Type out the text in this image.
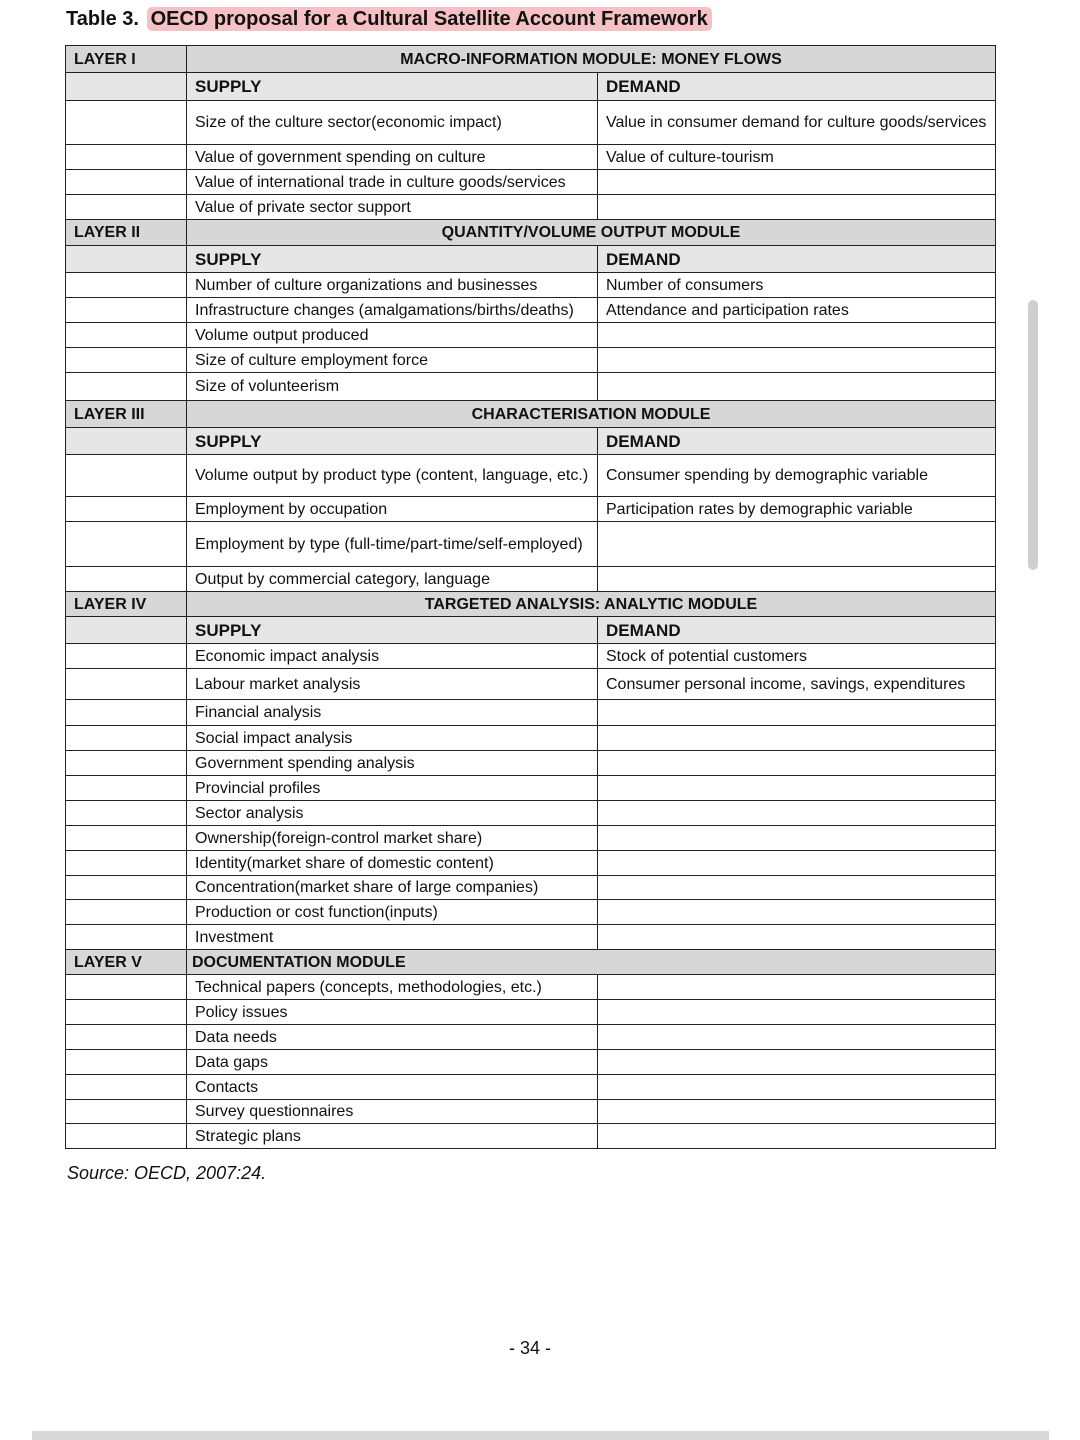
Table 3. OECD proposal for a Cultural Satellite Account Framework
LAYER I	MACRO-INFORMATION MODULE: MONEY FLOWS	
	SUPPLY	DEMAND
	Size of the culture sector(economic impact)	Value in consumer demand for culture goods/services
	Value of government spending on culture	Value of culture-tourism
	Value of international trade in culture goods/services	
	Value of private sector support	
LAYER II	QUANTITY/VOLUME OUTPUT MODULE	
	SUPPLY	DEMAND
	Number of culture organizations and businesses	Number of consumers
	Infrastructure changes (amalgamations/births/deaths)	Attendance and participation rates
	Volume output produced	
	Size of culture employment force	
	Size of volunteerism	
LAYER III	CHARACTERISATION MODULE	
	SUPPLY	DEMAND
	Volume output by product type (content, language, etc.)	Consumer spending by demographic variable
	Employment by occupation	Participation rates by demographic variable
	Employment by type (full-time/part-time/self-employed)	
	Output by commercial category, language	
LAYER IV	TARGETED ANALYSIS: ANALYTIC MODULE	
	SUPPLY	DEMAND
	Economic impact analysis	Stock of potential customers
	Labour market analysis	Consumer personal income, savings, expenditures
	Financial analysis	
	Social impact analysis	
	Government spending analysis	
	Provincial profiles	
	Sector analysis	
	Ownership(foreign-control market share)	
	Identity(market share of domestic content)	
	Concentration(market share of large companies)	
	Production or cost function(inputs)	
	Investment	
LAYER V	DOCUMENTATION MODULE	
	Technical papers (concepts, methodologies, etc.)	
	Policy issues	
	Data needs	
	Data gaps	
	Contacts	
	Survey questionnaires	
	Strategic plans	
Source: OECD, 2007:24.
- 34 -
